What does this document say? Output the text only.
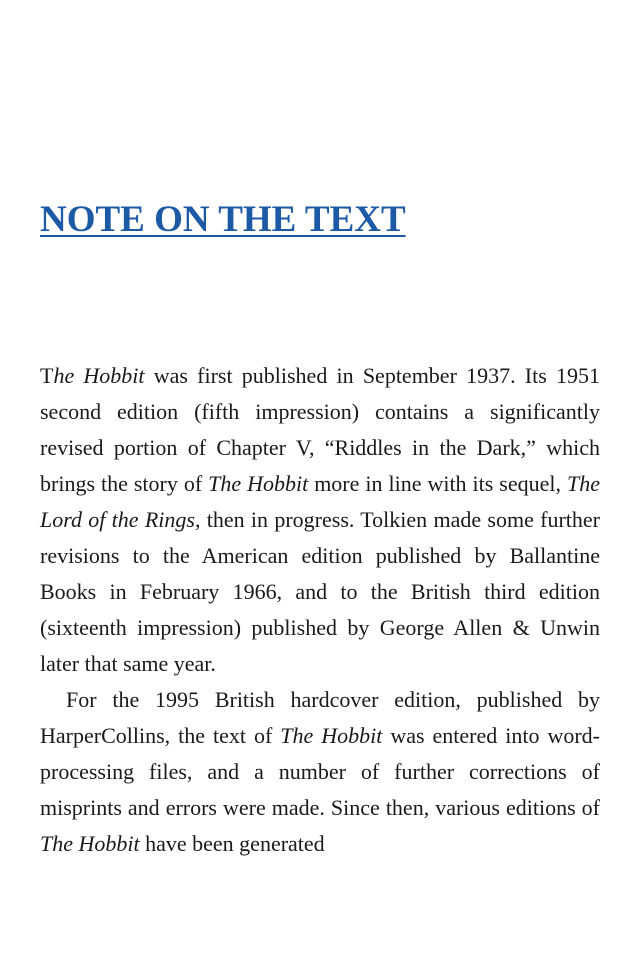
NOTE ON THE TEXT

The Hobbit was first published in September 1937. Its 1951 second edition (fifth impression) contains a significantly revised portion of Chapter V, “Riddles in the Dark,” which brings the story of The Hobbit more in line with its sequel, The Lord of the Rings, then in progress. Tolkien made some further revisions to the American edition published by Ballantine Books in February 1966, and to the British third edition (sixteenth impression) published by George Allen & Unwin later that same year.

For the 1995 British hardcover edition, published by HarperCollins, the text of The Hobbit was entered into word-processing files, and a number of further corrections of misprints and errors were made. Since then, various editions of The Hobbit have been generated
